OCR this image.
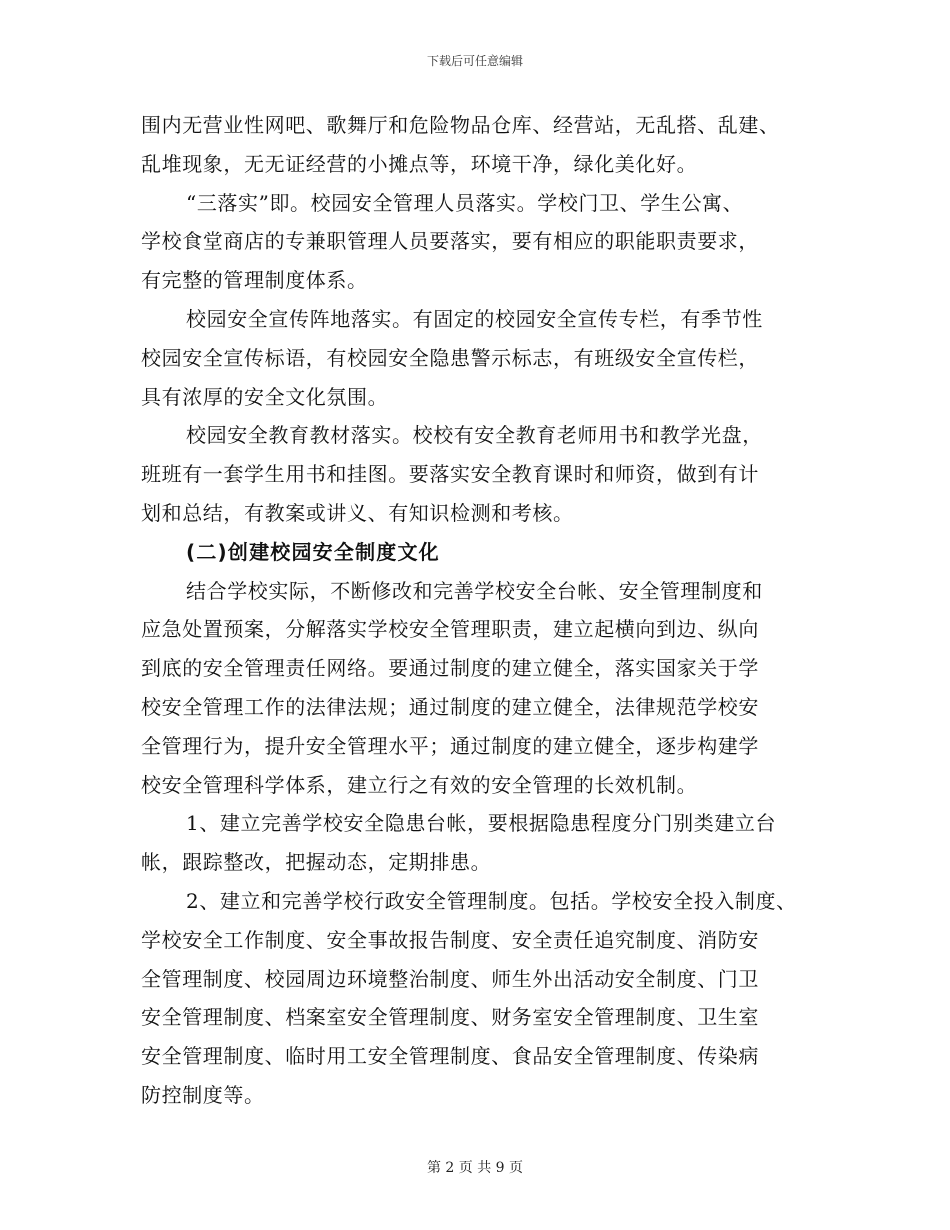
下载后可任意编辑
围内无营业性网吧、歌舞厅和危险物品仓库、经营站，无乱搭、乱建、
乱堆现象，无无证经营的小摊点等，环境干净，绿化美化好。
“三落实”即。校园安全管理人员落实。学校门卫、学生公寓、
学校食堂商店的专兼职管理人员要落实，要有相应的职能职责要求，
有完整的管理制度体系。
校园安全宣传阵地落实。有固定的校园安全宣传专栏，有季节性
校园安全宣传标语，有校园安全隐患警示标志，有班级安全宣传栏，
具有浓厚的安全文化氛围。
校园安全教育教材落实。校校有安全教育老师用书和教学光盘，
班班有一套学生用书和挂图。要落实安全教育课时和师资，做到有计
划和总结，有教案或讲义、有知识检测和考核。
(二)创建校园安全制度文化
结合学校实际，不断修改和完善学校安全台帐、安全管理制度和
应急处置预案，分解落实学校安全管理职责，建立起横向到边、纵向
到底的安全管理责任网络。要通过制度的建立健全，落实国家关于学
校安全管理工作的法律法规；通过制度的建立健全，法律规范学校安
全管理行为，提升安全管理水平；通过制度的建立健全，逐步构建学
校安全管理科学体系，建立行之有效的安全管理的长效机制。
1、建立完善学校安全隐患台帐，要根据隐患程度分门别类建立台
帐，跟踪整改，把握动态，定期排患。
2、建立和完善学校行政安全管理制度。包括。学校安全投入制度、
学校安全工作制度、安全事故报告制度、安全责任追究制度、消防安
全管理制度、校园周边环境整治制度、师生外出活动安全制度、门卫
安全管理制度、档案室安全管理制度、财务室安全管理制度、卫生室
安全管理制度、临时用工安全管理制度、食品安全管理制度、传染病
防控制度等。
第 2 页 共 9 页
